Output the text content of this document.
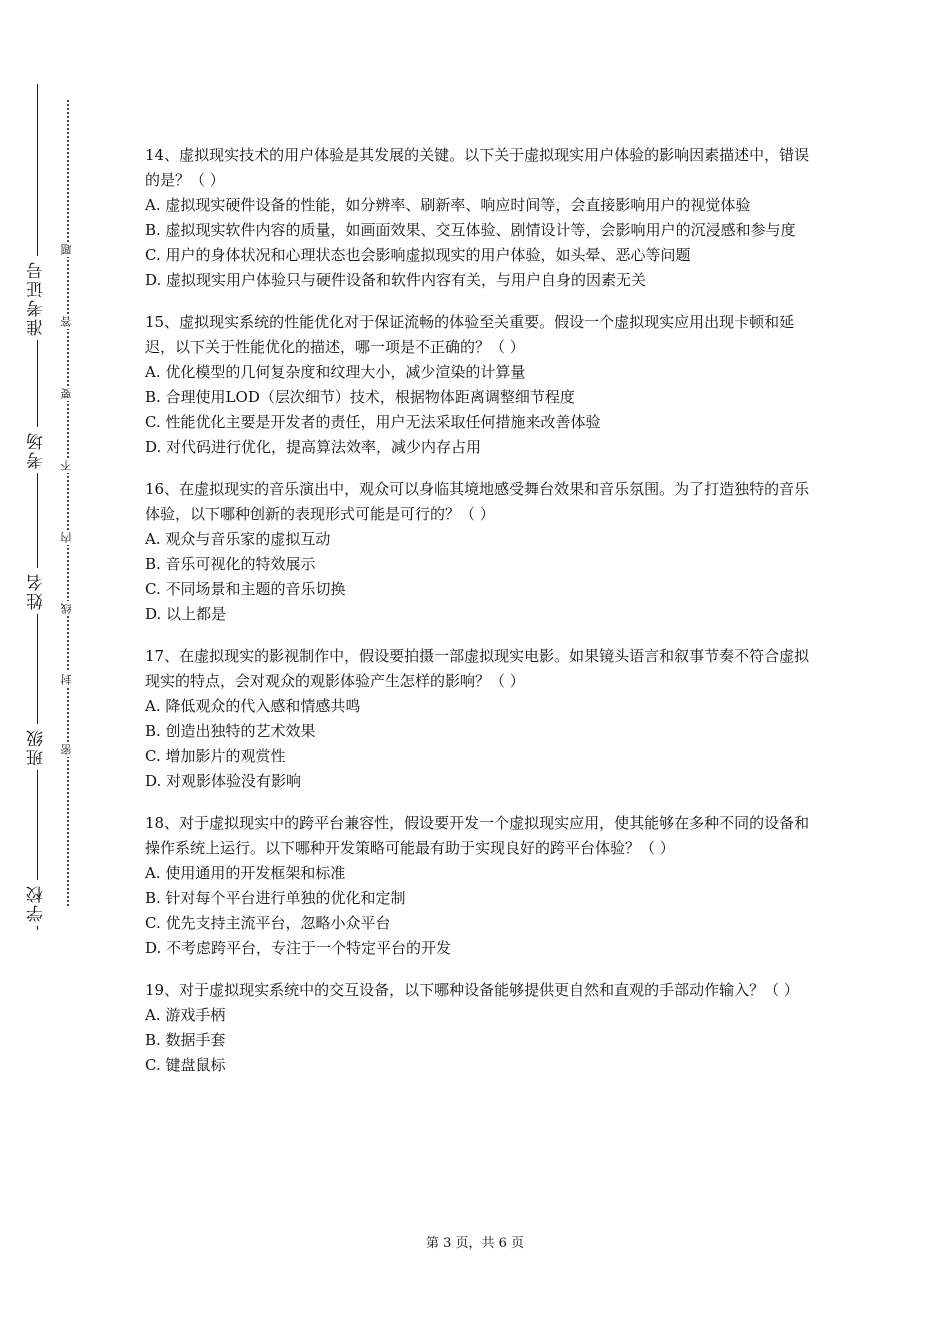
学校
班级
姓名
考场
准考证号
密
封
线
内
不
要
答
题

14、虚拟现实技术的用户体验是其发展的关键。以下关于虚拟现实用户体验的影响因素描述中，错误的是？（ ）

A. 虚拟现实硬件设备的性能，如分辨率、刷新率、响应时间等，会直接影响用户的视觉体验

B. 虚拟现实软件内容的质量，如画面效果、交互体验、剧情设计等，会影响用户的沉浸感和参与度

C. 用户的身体状况和心理状态也会影响虚拟现实的用户体验，如头晕、恶心等问题

D. 虚拟现实用户体验只与硬件设备和软件内容有关，与用户自身的因素无关

15、虚拟现实系统的性能优化对于保证流畅的体验至关重要。假设一个虚拟现实应用出现卡顿和延迟，以下关于性能优化的描述，哪一项是不正确的？（ ）

A. 优化模型的几何复杂度和纹理大小，减少渲染的计算量

B. 合理使用LOD（层次细节）技术，根据物体距离调整细节程度

C. 性能优化主要是开发者的责任，用户无法采取任何措施来改善体验

D. 对代码进行优化，提高算法效率，减少内存占用

16、在虚拟现实的音乐演出中，观众可以身临其境地感受舞台效果和音乐氛围。为了打造独特的音乐体验，以下哪种创新的表现形式可能是可行的？（ ）

A. 观众与音乐家的虚拟互动

B. 音乐可视化的特效展示

C. 不同场景和主题的音乐切换

D. 以上都是

17、在虚拟现实的影视制作中，假设要拍摄一部虚拟现实电影。如果镜头语言和叙事节奏不符合虚拟现实的特点，会对观众的观影体验产生怎样的影响？（ ）

A. 降低观众的代入感和情感共鸣

B. 创造出独特的艺术效果

C. 增加影片的观赏性

D. 对观影体验没有影响

18、对于虚拟现实中的跨平台兼容性，假设要开发一个虚拟现实应用，使其能够在多种不同的设备和操作系统上运行。以下哪种开发策略可能最有助于实现良好的跨平台体验？（ ）

A. 使用通用的开发框架和标准

B. 针对每个平台进行单独的优化和定制

C. 优先支持主流平台，忽略小众平台

D. 不考虑跨平台，专注于一个特定平台的开发

19、对于虚拟现实系统中的交互设备，以下哪种设备能够提供更自然和直观的手部动作输入？（ ）

A. 游戏手柄

B. 数据手套

C. 键盘鼠标

第 3 页，共 6 页
